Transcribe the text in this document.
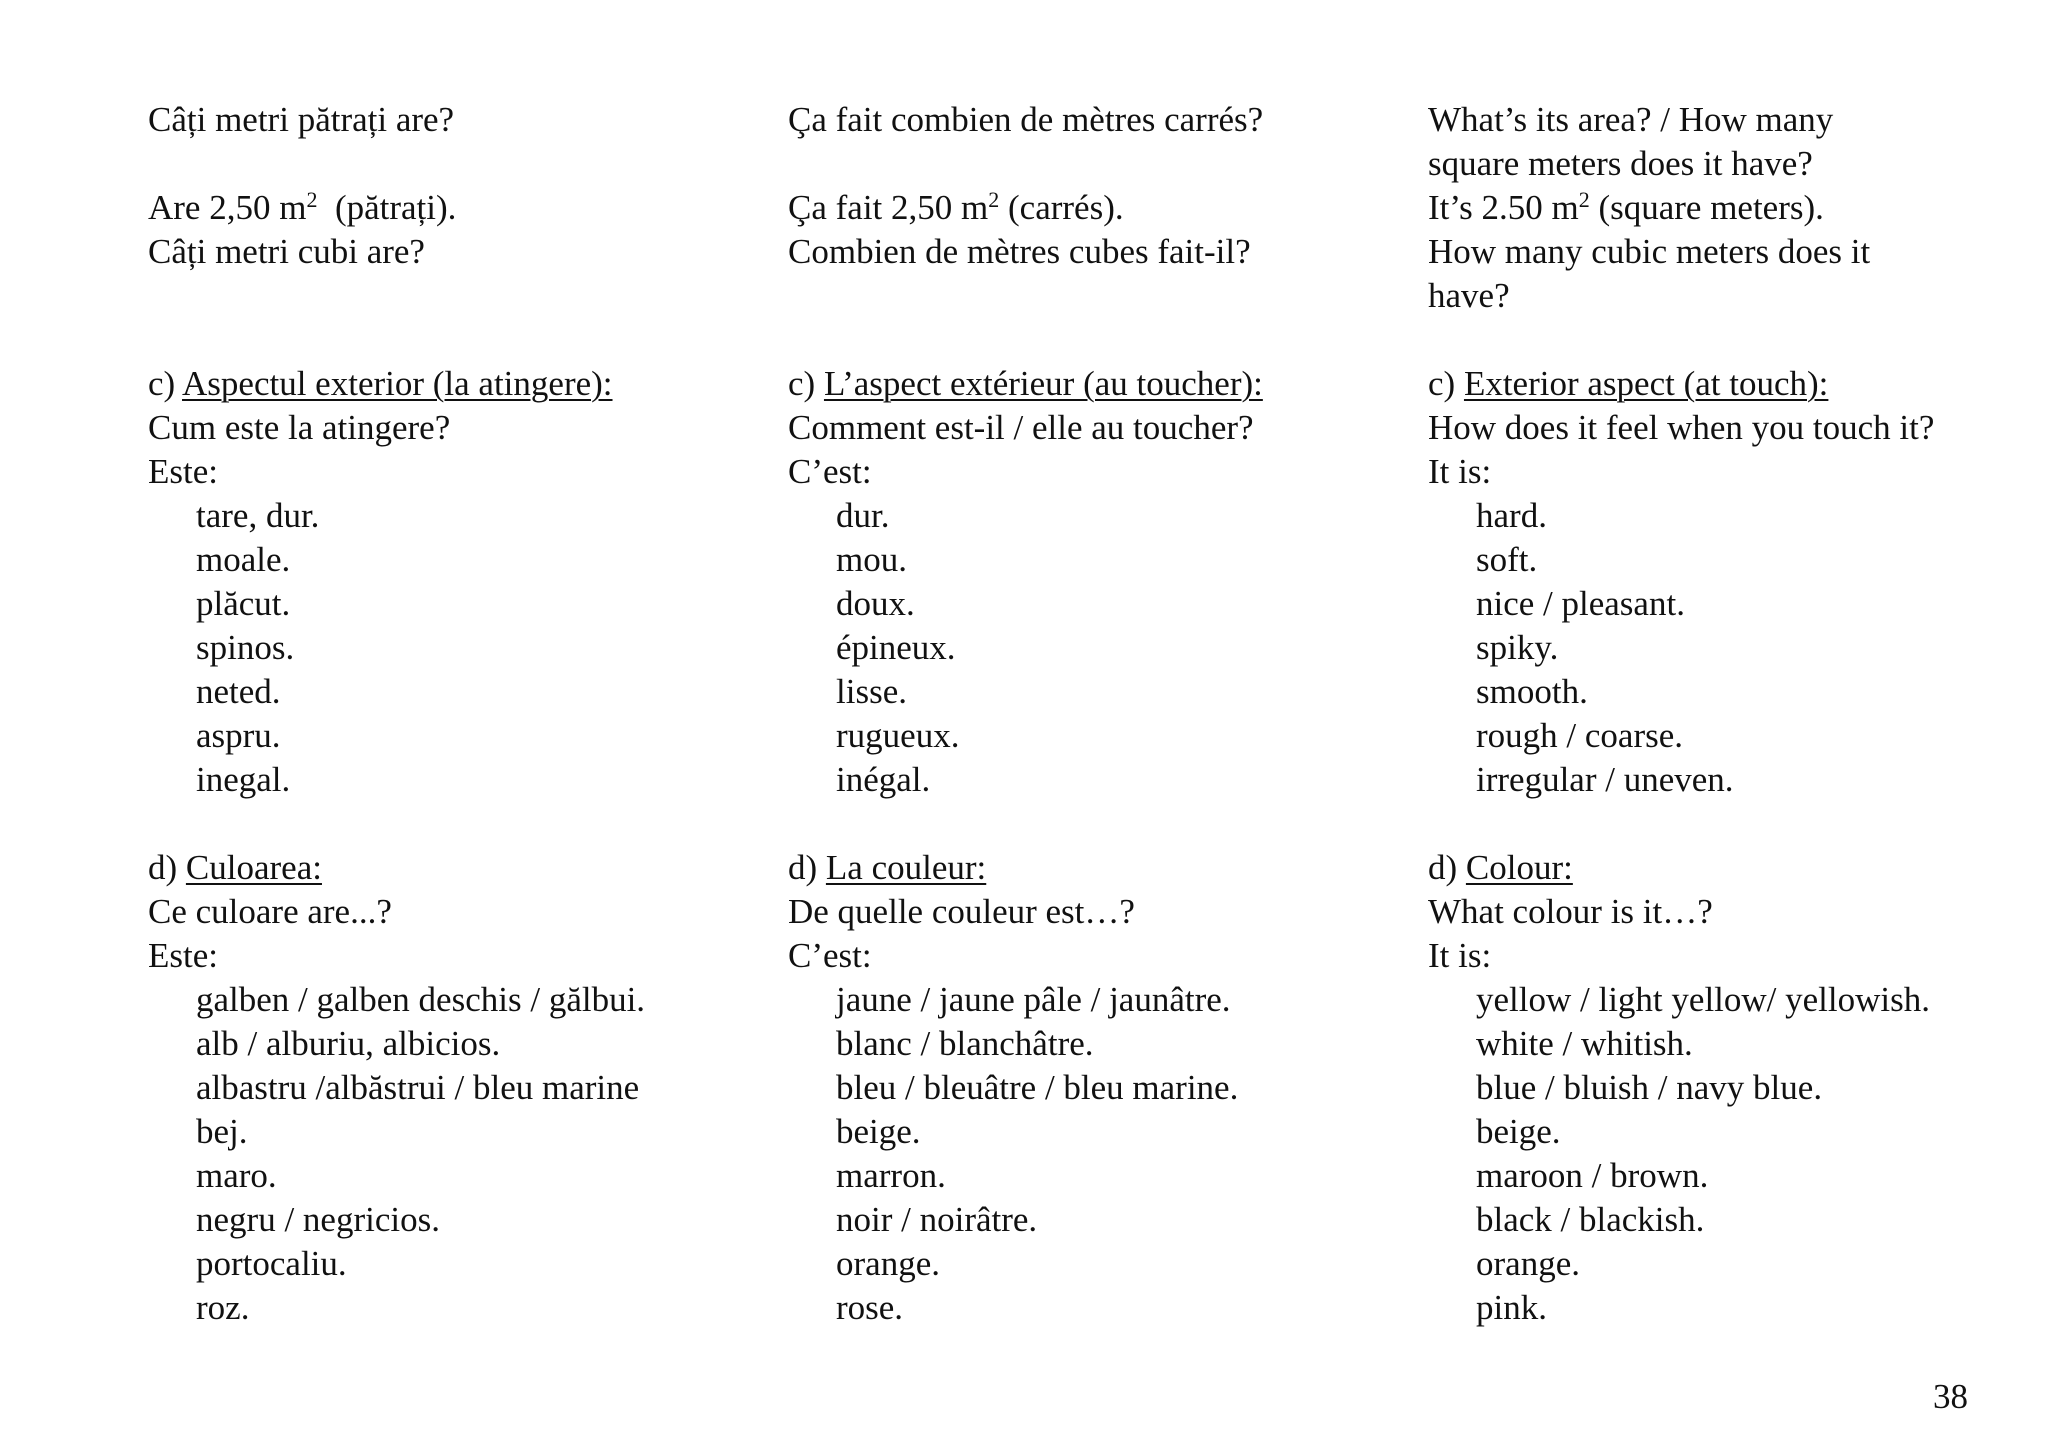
Câți metri pătrați are?
Are 2,50 $m^2$  (pătrați).
Câți metri cubi are?
c) Aspectul exterior (la atingere):
Cum este la atingere?
Este:
tare, dur.
moale.
plăcut.
spinos.
neted.
aspru.
inegal.
d) Culoarea:
Ce culoare are...?
Este:
galben / galben deschis / gălbui.
alb / alburiu, albicios.
albastru /albăstrui / bleu marine
bej.
maro.
negru / negricios.
portocaliu.
roz.
Ça fait combien de mètres carrés?
Ça fait 2,50 $m^2$ (carrés).
Combien de mètres cubes fait-il?
c) L’aspect extérieur (au toucher):
Comment est-il / elle au toucher?
C’est:
dur.
mou.
doux.
épineux.
lisse.
rugueux.
inégal.
d) La couleur:
De quelle couleur est…?
C’est:
jaune / jaune pâle / jaunâtre.
blanc / blanchâtre.
bleu / bleuâtre / bleu marine.
beige.
marron.
noir / noirâtre.
orange.
rose.
What’s its area? / How many
square meters does it have?
It’s 2.50 $m^2$ (square meters).
How many cubic meters does it
have?
c) Exterior aspect (at touch):
How does it feel when you touch it?
It is:
hard.
soft.
nice / pleasant.
spiky.
smooth.
rough / coarse.
irregular / uneven.
d) Colour:
What colour is it…?
It is:
yellow / light yellow/ yellowish.
white / whitish.
blue / bluish / navy blue.
beige.
maroon / brown.
black / blackish.
orange.
pink.
38
